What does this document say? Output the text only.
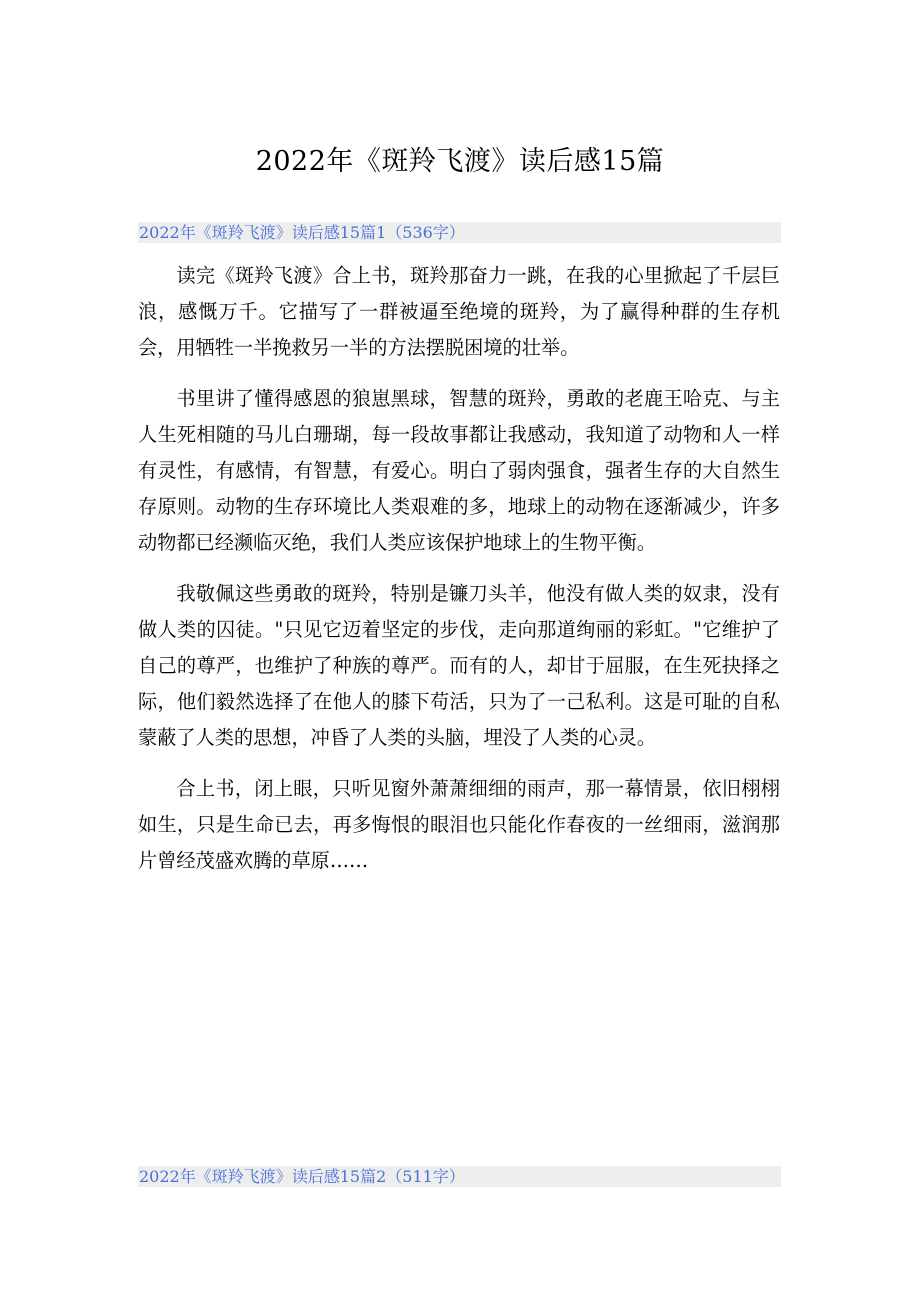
2022年《斑羚飞渡》读后感15篇
2022年《斑羚飞渡》读后感15篇1（536字）

读完《斑羚飞渡》合上书，斑羚那奋力一跳，在我的心里掀起了千层巨浪，感慨万千。它描写了一群被逼至绝境的斑羚，为了赢得种群的生存机会，用牺牲一半挽救另一半的方法摆脱困境的壮举。

书里讲了懂得感恩的狼崽黑球，智慧的斑羚，勇敢的老鹿王哈克、与主人生死相随的马儿白珊瑚，每一段故事都让我感动，我知道了动物和人一样有灵性，有感情，有智慧，有爱心。明白了弱肉强食，强者生存的大自然生存原则。动物的生存环境比人类艰难的多，地球上的动物在逐渐减少，许多动物都已经濒临灭绝，我们人类应该保护地球上的生物平衡。

我敬佩这些勇敢的斑羚，特别是镰刀头羊，他没有做人类的奴隶，没有做人类的囚徒。"只见它迈着坚定的步伐，走向那道绚丽的彩虹。"它维护了自己的尊严，也维护了种族的尊严。而有的人，却甘于屈服，在生死抉择之际，他们毅然选择了在他人的膝下苟活，只为了一己私利。这是可耻的自私蒙蔽了人类的思想，冲昏了人类的头脑，埋没了人类的心灵。

合上书，闭上眼，只听见窗外萧萧细细的雨声，那一幕情景，依旧栩栩如生，只是生命已去，再多悔恨的眼泪也只能化作春夜的一丝细雨，滋润那片曾经茂盛欢腾的草原……

2022年《斑羚飞渡》读后感15篇2（511字）
